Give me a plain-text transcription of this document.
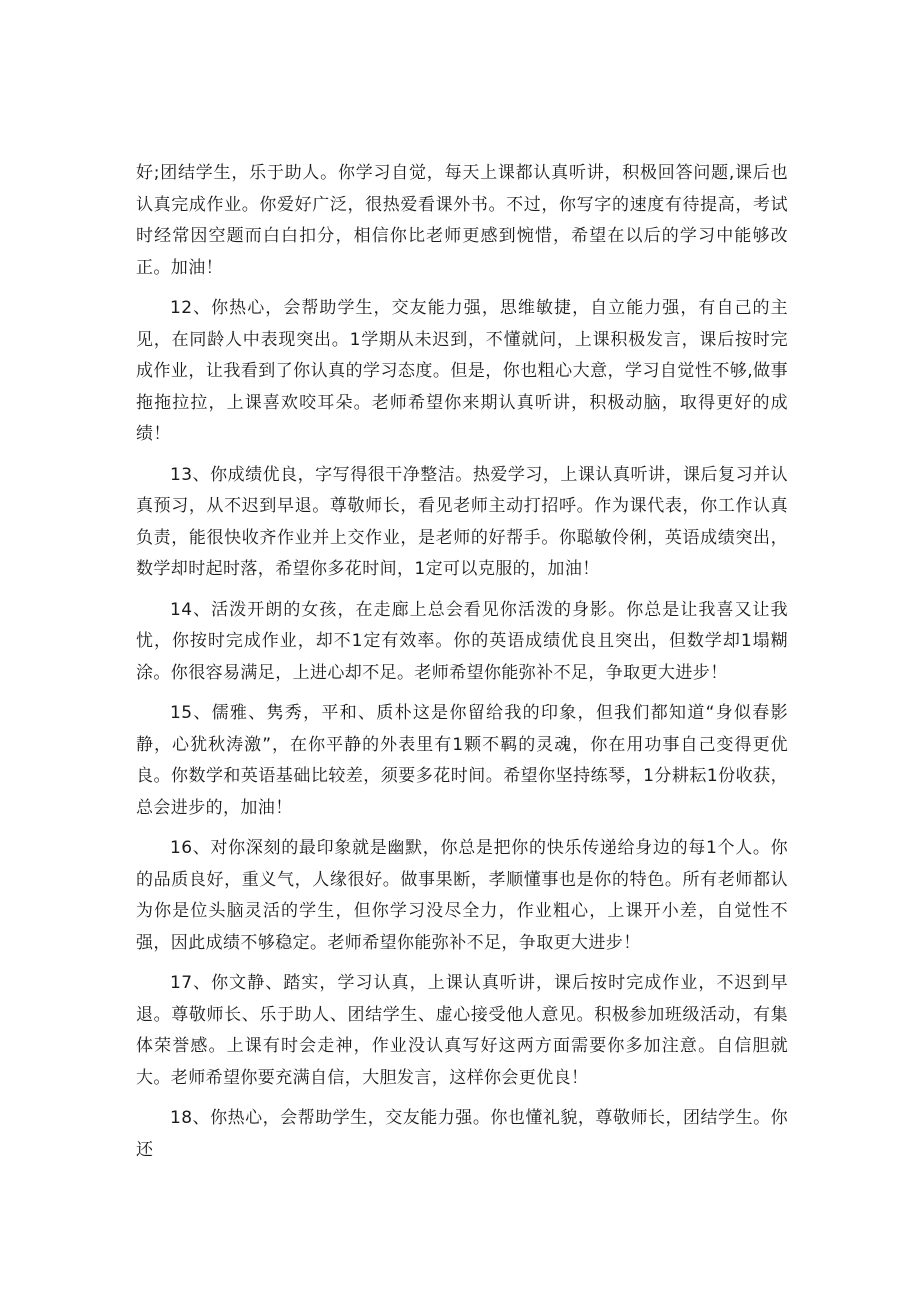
好;团结学生，乐于助人。你学习自觉，每天上课都认真听讲，积极回答问题,课后也认真完成作业。你爱好广泛，很热爱看课外书。不过，你写字的速度有待提高，考试时经常因空题而白白扣分，相信你比老师更感到惋惜，希望在以后的学习中能够改正。加油！

12、你热心，会帮助学生，交友能力强，思维敏捷，自立能力强，有自己的主见，在同龄人中表现突出。1学期从未迟到，不懂就问，上课积极发言，课后按时完成作业，让我看到了你认真的学习态度。但是，你也粗心大意，学习自觉性不够,做事拖拖拉拉，上课喜欢咬耳朵。老师希望你来期认真听讲，积极动脑，取得更好的成绩！

13、你成绩优良，字写得很干净整洁。热爱学习，上课认真听讲，课后复习并认真预习，从不迟到早退。尊敬师长，看见老师主动打招呼。作为课代表，你工作认真负责，能很快收齐作业并上交作业，是老师的好帮手。你聪敏伶俐，英语成绩突出，数学却时起时落，希望你多花时间，1定可以克服的，加油！

14、活泼开朗的女孩，在走廊上总会看见你活泼的身影。你总是让我喜又让我忧，你按时完成作业，却不1定有效率。你的英语成绩优良且突出，但数学却1塌糊涂。你很容易满足，上进心却不足。老师希望你能弥补不足，争取更大进步！

15、儒雅、隽秀，平和、质朴这是你留给我的印象，但我们都知道“身似春影静，心犹秋涛激”，在你平静的外表里有1颗不羁的灵魂，你在用功事自己变得更优良。你数学和英语基础比较差，须要多花时间。希望你坚持练琴，1分耕耘1份收获，总会进步的，加油！

16、对你深刻的最印象就是幽默，你总是把你的快乐传递给身边的每1个人。你的品质良好，重义气，人缘很好。做事果断，孝顺懂事也是你的特色。所有老师都认为你是位头脑灵活的学生，但你学习没尽全力，作业粗心，上课开小差，自觉性不强，因此成绩不够稳定。老师希望你能弥补不足，争取更大进步！

17、你文静、踏实，学习认真，上课认真听讲，课后按时完成作业，不迟到早退。尊敬师长、乐于助人、团结学生、虚心接受他人意见。积极参加班级活动，有集体荣誉感。上课有时会走神，作业没认真写好这两方面需要你多加注意。自信胆就大。老师希望你要充满自信，大胆发言，这样你会更优良！

18、你热心，会帮助学生，交友能力强。你也懂礼貌，尊敬师长，团结学生。你还
